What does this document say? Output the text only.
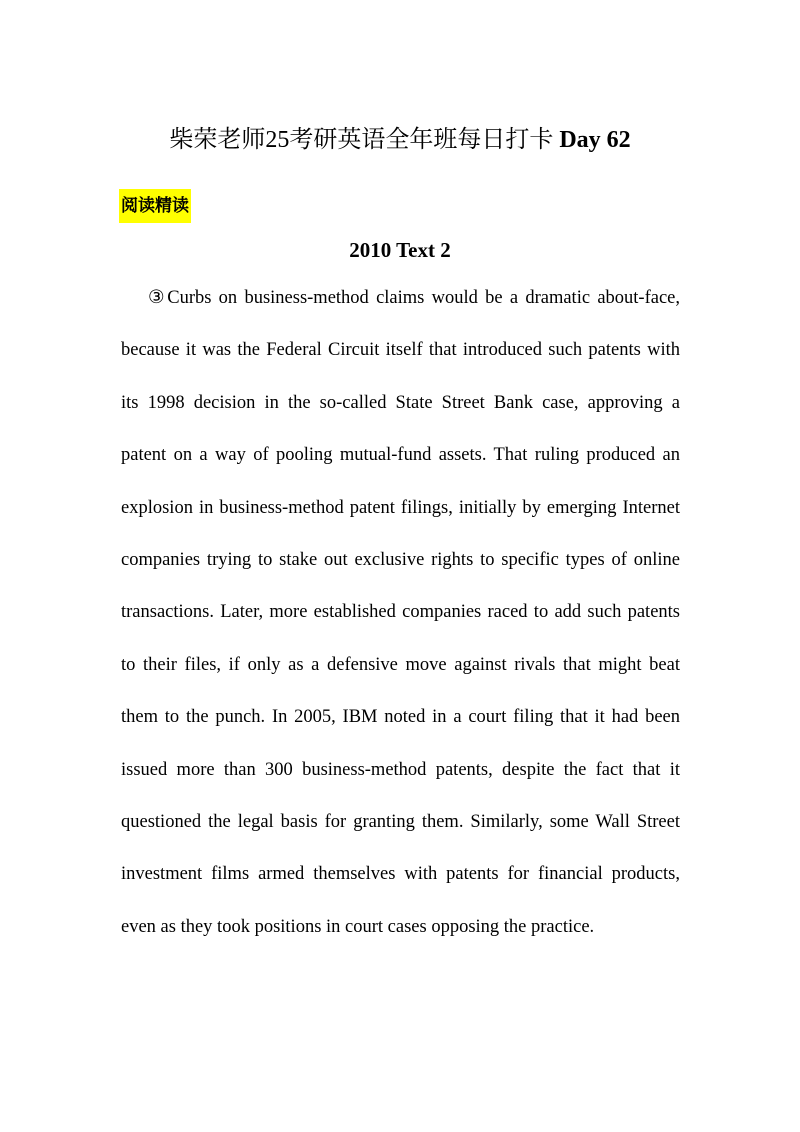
柴荣老师25考研英语全年班每日打卡 Day 62
阅读精读
2010 Text 2
③Curbs on business-method claims would be a dramatic about-face,
because it was the Federal Circuit itself that introduced such patents with
its 1998 decision in the so-called State Street Bank case, approving a
patent on a way of pooling mutual-fund assets. That ruling produced an
explosion in business-method patent filings, initially by emerging Internet
companies trying to stake out exclusive rights to specific types of online
transactions. Later, more established companies raced to add such patents
to their files, if only as a defensive move against rivals that might beat
them to the punch. In 2005, IBM noted in a court filing that it had been
issued more than 300 business-method patents, despite the fact that it
questioned the legal basis for granting them. Similarly, some Wall Street
investment films armed themselves with patents for financial products,
even as they took positions in court cases opposing the practice.
